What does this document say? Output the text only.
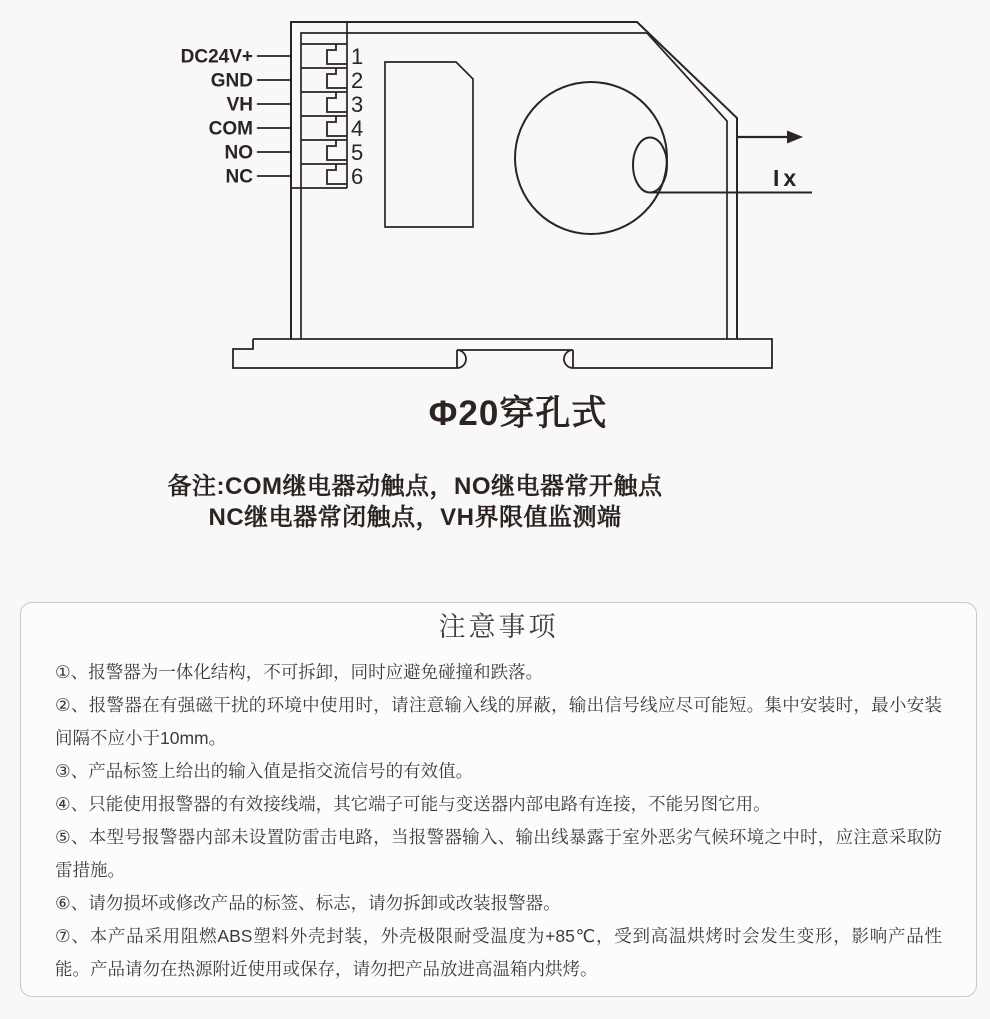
DC24V+
GND
VH
COM
NO
NC
1
2
3
4
5
6	Ix
Φ20穿孔式
备注:COM继电器动触点，NO继电器常开触点
NC继电器常闭触点，VH界限值监测端
注意事项

①、报警器为一体化结构，不可拆卸，同时应避免碰撞和跌落。

②、报警器在有强磁干扰的环境中使用时，请注意输入线的屏蔽，输出信号线应尽可能短。集中安装时，最小安装间隔不应小于10mm。

③、产品标签上给出的输入值是指交流信号的有效值。

④、只能使用报警器的有效接线端，其它端子可能与变送器内部电路有连接，不能另图它用。

⑤、本型号报警器内部未设置防雷击电路，当报警器输入、输出线暴露于室外恶劣气候环境之中时，应注意采取防雷措施。

⑥、请勿损坏或修改产品的标签、标志，请勿拆卸或改装报警器。

⑦、本产品采用阻燃ABS塑料外壳封装，外壳极限耐受温度为+85℃，受到高温烘烤时会发生变形，影响产品性能。产品请勿在热源附近使用或保存，请勿把产品放进高温箱内烘烤。
